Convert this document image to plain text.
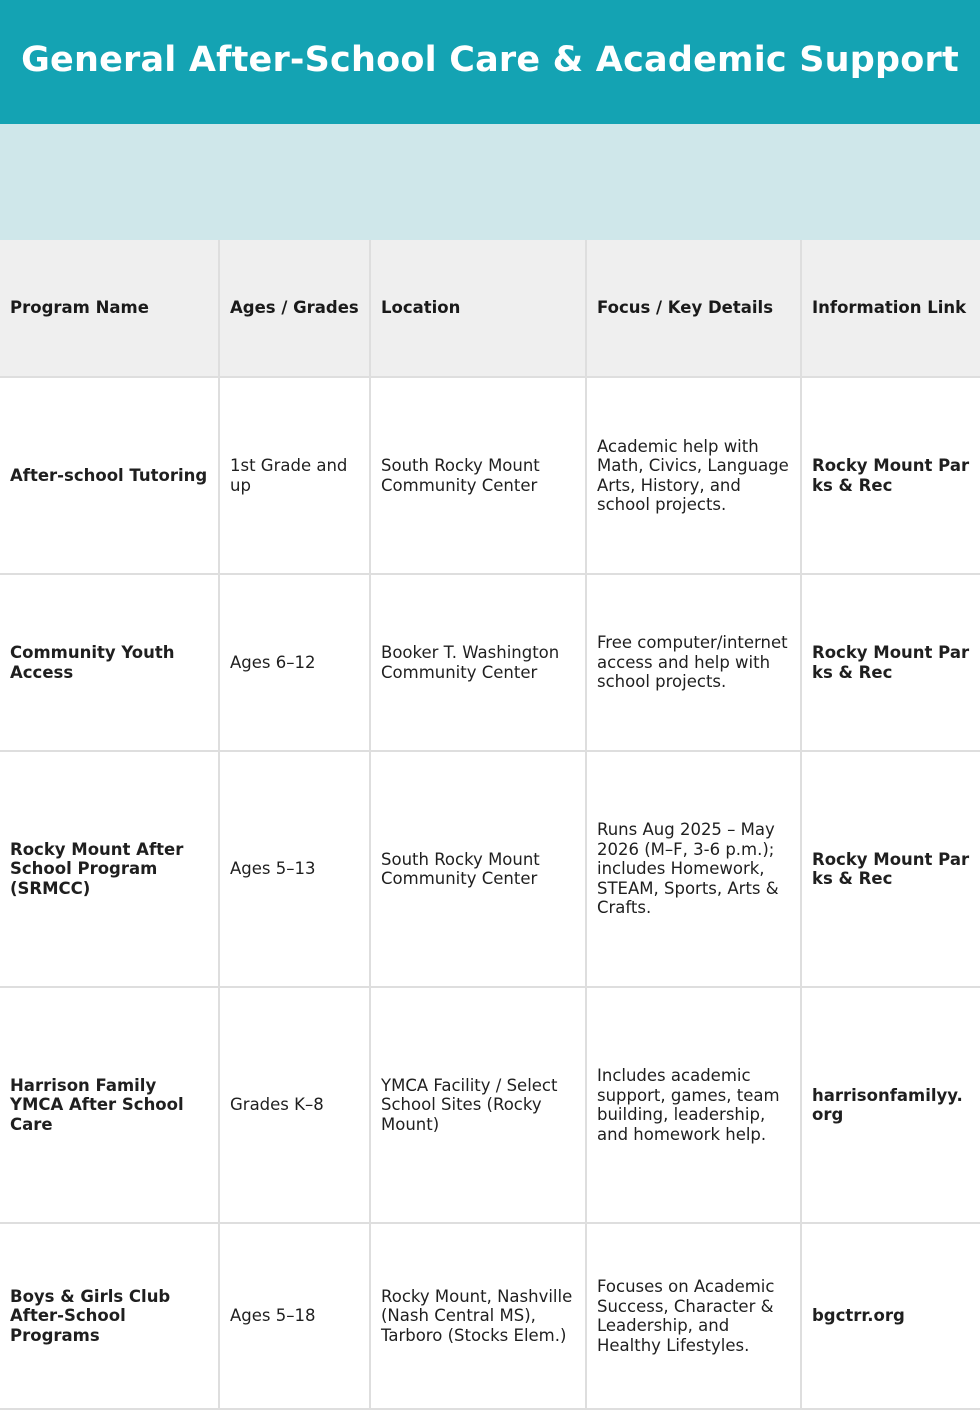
General After-School Care & Academic Support
Program Name	Ages / Grades	Location	Focus / Key Details	Information Link
After-school Tutoring	1st Grade and up	South Rocky Mount Community Center	Academic help with Math, Civics, Language Arts, History, and school projects.	Rocky Mount Parks & Rec
Community Youth Access	Ages 6–12	Booker T. Washington Community Center	Free computer/internet access and help with school projects.	Rocky Mount Parks & Rec
Rocky Mount After School Program (SRMCC)	Ages 5–13	South Rocky Mount Community Center	Runs Aug 2025 – May 2026 (M–F, 3-6 p.m.); includes Homework, STEAM, Sports, Arts & Crafts.	Rocky Mount Parks & Rec
Harrison Family YMCA After School Care	Grades K–8	YMCA Facility / Select School Sites (Rocky Mount)	Includes academic support, games, team building, leadership, and homework help.	harrisonfamilyy.org
Boys & Girls Club After-School Programs	Ages 5–18	Rocky Mount, Nashville (Nash Central MS), Tarboro (Stocks Elem.)	Focuses on Academic Success, Character & Leadership, and Healthy Lifestyles.	bgctrr.org
